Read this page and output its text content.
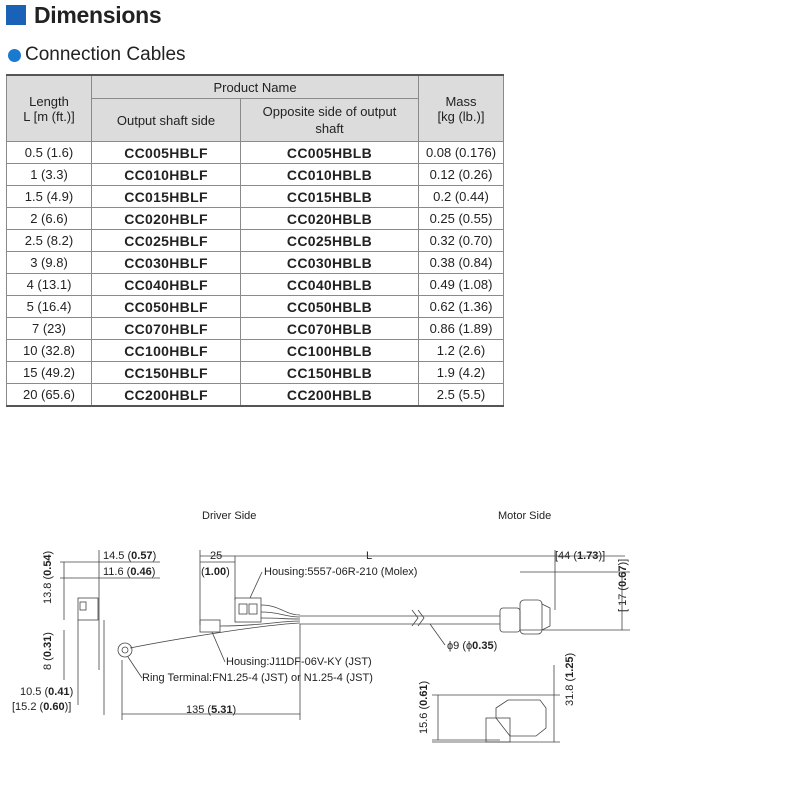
Dimensions
Connection Cables
Length
L [m (ft.)]	Product Name		Mass
[kg (lb.)]
	Output shaft side	Opposite side of output
shaft	
0.5 (1.6)	CC005HBLF	CC005HBLB	0.08 (0.176)
1 (3.3)	CC010HBLF	CC010HBLB	0.12 (0.26)
1.5 (4.9)	CC015HBLF	CC015HBLB	0.2 (0.44)
2 (6.6)	CC020HBLF	CC020HBLB	0.25 (0.55)
2.5 (8.2)	CC025HBLF	CC025HBLB	0.32 (0.70)
3 (9.8)	CC030HBLF	CC030HBLB	0.38 (0.84)
4 (13.1)	CC040HBLF	CC040HBLB	0.49 (1.08)
5 (16.4)	CC050HBLF	CC050HBLB	0.62 (1.36)
7 (23)	CC070HBLF	CC070HBLB	0.86 (1.89)
10 (32.8)	CC100HBLF	CC100HBLB	1.2 (2.6)
15 (49.2)	CC150HBLF	CC150HBLB	1.9 (4.2)
20 (65.6)	CC200HBLF	CC200HBLB	2.5 (5.5)
Driver Side	Motor Side
14.5 (0.57)
11.6 (0.46)
13.8 (0.54)
8 (0.31)
10.5 (0.41)
[15.2 (0.60)]
25
(1.00)
L	[44 (1.73)]
[ 17 (0.67)]
Housing:5557-06R-210 (Molex)
ϕ9 (ϕ0.35)
Housing:J11DF-06V-KY (JST)
Ring Terminal:FN1.25-4 (JST) or N1.25-4 (JST)
135 (5.31)	15.6 (0.61)	31.8 (1.25)
